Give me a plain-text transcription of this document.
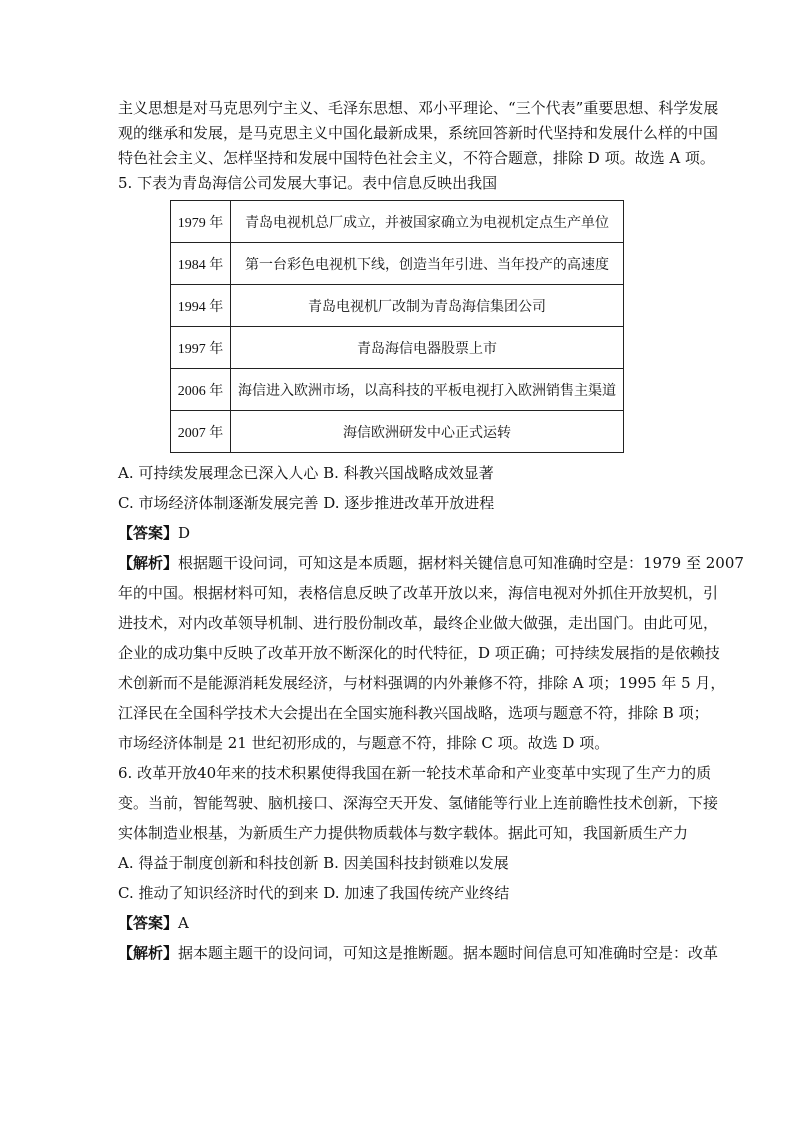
主义思想是对马克思列宁主义、毛泽东思想、邓小平理论、“三个代表”重要思想、科学发展

观的继承和发展，是马克思主义中国化最新成果，系统回答新时代坚持和发展什么样的中国

特色社会主义、怎样坚持和发展中国特色社会主义，不符合题意，排除 D 项。故选 A 项。

5. 下表为青岛海信公司发展大事记。表中信息反映出我国

1979 年	青岛电视机总厂成立，并被国家确立为电视机定点生产单位
1984 年	第一台彩色电视机下线，创造当年引进、当年投产的高速度
1994 年	青岛电视机厂改制为青岛海信集团公司
1997 年	青岛海信电器股票上市
2006 年	海信进入欧洲市场，以高科技的平板电视打入欧洲销售主渠道
2007 年	海信欧洲研发中心正式运转

A. 可持续发展理念已深入人心 B. 科教兴国战略成效显著

C. 市场经济体制逐渐发展完善 D. 逐步推进改革开放进程

【答案】D

【解析】根据题干设问词，可知这是本质题，据材料关键信息可知准确时空是：1979 至 2007

年的中国。根据材料可知，表格信息反映了改革开放以来，海信电视对外抓住开放契机，引

进技术，对内改革领导机制、进行股份制改革，最终企业做大做强，走出国门。由此可见，

企业的成功集中反映了改革开放不断深化的时代特征，D 项正确；可持续发展指的是依赖技

术创新而不是能源消耗发展经济，与材料强调的内外兼修不符，排除 A 项；1995 年 5 月，

江泽民在全国科学技术大会提出在全国实施科教兴国战略，选项与题意不符，排除 B 项；

市场经济体制是 21 世纪初形成的，与题意不符，排除 C 项。故选 D 项。

6. 改革开放40年来的技术积累使得我国在新一轮技术革命和产业变革中实现了生产力的质

变。当前，智能驾驶、脑机接口、深海空天开发、氢储能等行业上连前瞻性技术创新，下接

实体制造业根基，为新质生产力提供物质载体与数字载体。据此可知，我国新质生产力

A. 得益于制度创新和科技创新 B. 因美国科技封锁难以发展

C. 推动了知识经济时代的到来 D. 加速了我国传统产业终结

【答案】A

【解析】据本题主题干的设问词，可知这是推断题。据本题时间信息可知准确时空是：改革
